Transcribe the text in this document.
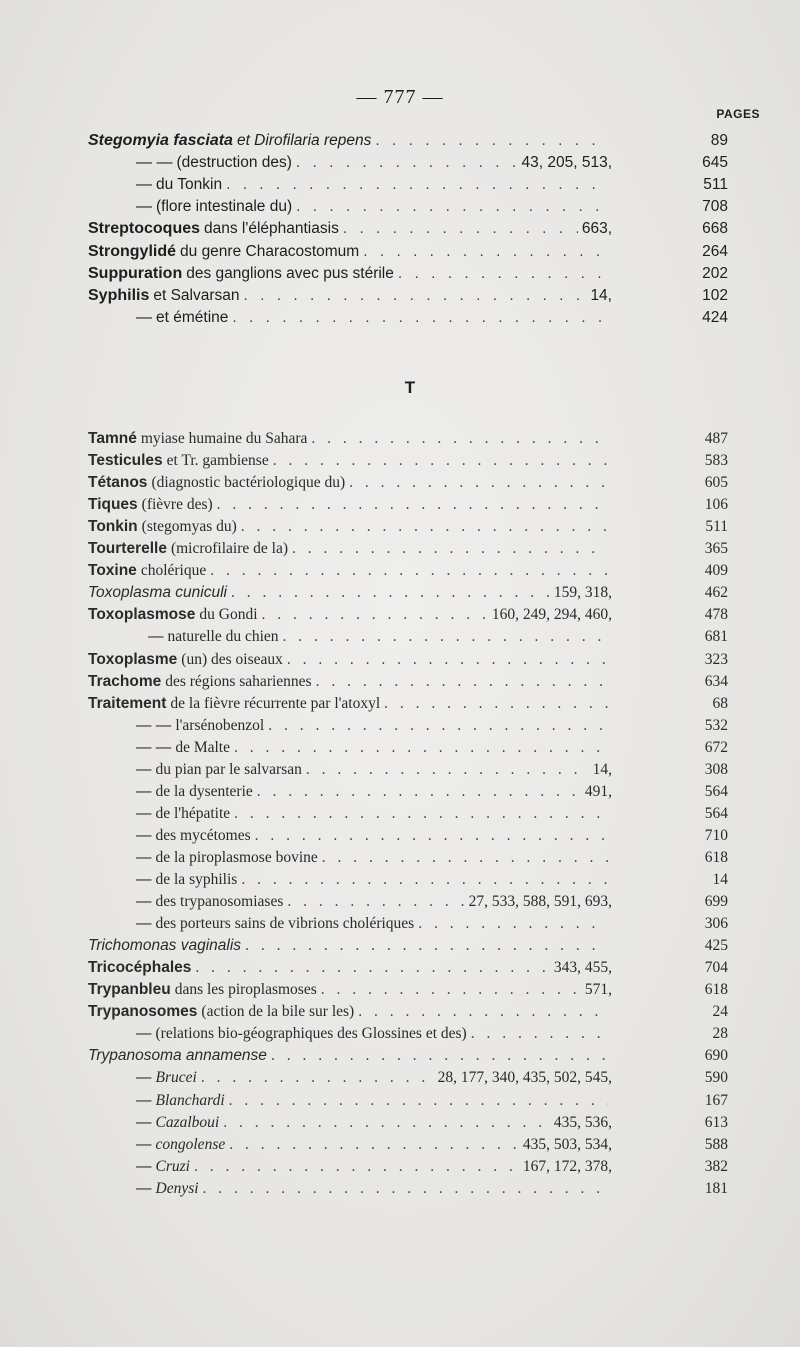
— 777 —
PAGES
T
Stegomyia fasciata et Dirofilaria repens . . .	89
— — (destruction des) . . .	43, 205, 513,	645
— du Tonkin . . .	511
— (flore intestinale du) . . .	708
Streptocoques dans l'éléphantiasis . . .	663,	668
Strongylidé du genre Characostomum . . .	264
Suppuration des ganglions avec pus stérile . . .	202
Syphilis et Salvarsan . . .	14,	102
— et émétine . . .	424
Tamné myiase humaine du Sahara . . .	487
Testicules et Tr. gambiense . . .	583
Tétanos (diagnostic bactériologique du) . . .	605
Tiques (fièvre des) . . .	106
Tonkin (stegomyas du) . . .	511
Tourterelle (microfilaire de la) . . .	365
Toxine cholérique . . .	409
Toxoplasma cuniculi . . .	159, 318,	462
Toxoplasmose du Gondi . . .	160, 249, 294, 460,	478
— naturelle du chien . . .	681
Toxoplasme (un) des oiseaux . . .	323
Trachome des régions sahariennes . . .	634
Traitement de la fièvre récurrente par l'atoxyl . . .	68
— — l'arsénobenzol . . .	532
— — de Malte . . .	672
— du pian par le salvarsan . . .	14,	308
— de la dysenterie . . .	491,	564
— de l'hépatite . . .	564
— des mycétomes . . .	710
— de la piroplasmose bovine . . .	618
— de la syphilis . . .	14
— des trypanosomiases . . .	27, 533, 588, 591, 693,	699
— des porteurs sains de vibrions cholériques . . .	306
Trichomonas vaginalis . . .	425
Tricocéphales . . .	343, 455,	704
Trypanbleu dans les piroplasmoses . . .	571,	618
Trypanosomes (action de la bile sur les) . . .	24
— (relations bio-géographiques des Glossines et des) . . .	28
Trypanosoma annamense . . .	690
— Brucei . . .	28, 177, 340, 435, 502, 545,	590
— Blanchardi . . .	167
— Cazalboui . . .	435, 536,	613
— congolense . . .	435, 503, 534,	588
— Cruzi . . .	167, 172, 378,	382
— Denysi . . .	181
